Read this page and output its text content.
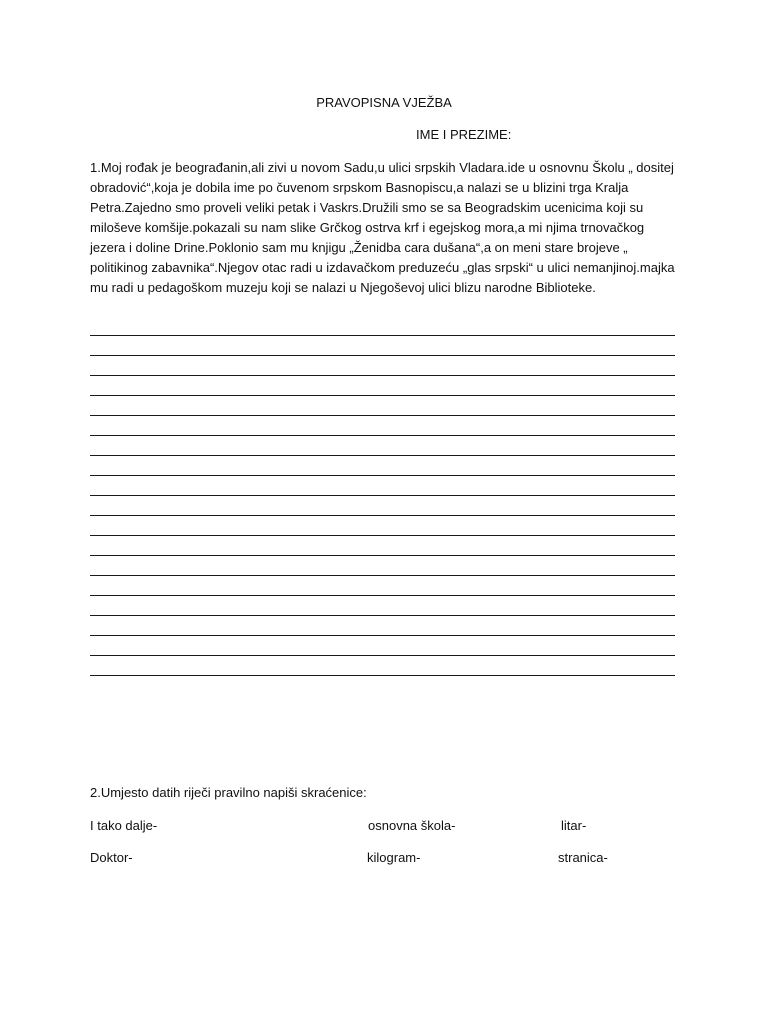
PRAVOPISNA VJEŽBA
IME I PREZIME:

1.Moj rođak je beograđanin,ali zivi u novom Sadu,u ulici srpskih Vladara.ide u osnovnu Školu „ dositej obradović“,koja je dobila ime po čuvenom srpskom Basnopiscu,a nalazi se u blizini trga Kralja Petra.Zajedno smo proveli veliki petak i Vaskrs.Družili smo se sa Beogradskim ucenicima koji su miloševe komšije.pokazali su nam slike Grčkog ostrva krf i egejskog mora,a mi njima trnovačkog jezera i doline Drine.Poklonio sam mu knjigu „Ženidba cara dušana“,a on meni stare brojeve „ politikinog zabavnika“.Njegov otac radi u izdavačkom preduzeću „glas srpski“ u ulici nemanjinoj.majka mu radi u pedagoškom muzeju koji se nalazi u Njegoševoj ulici blizu narodne Biblioteke.

2.Umjesto datih riječi pravilno napiši skraćenice:
I tako dalje-	osnovna škola-	litar-
Doktor-	kilogram-	stranica-
